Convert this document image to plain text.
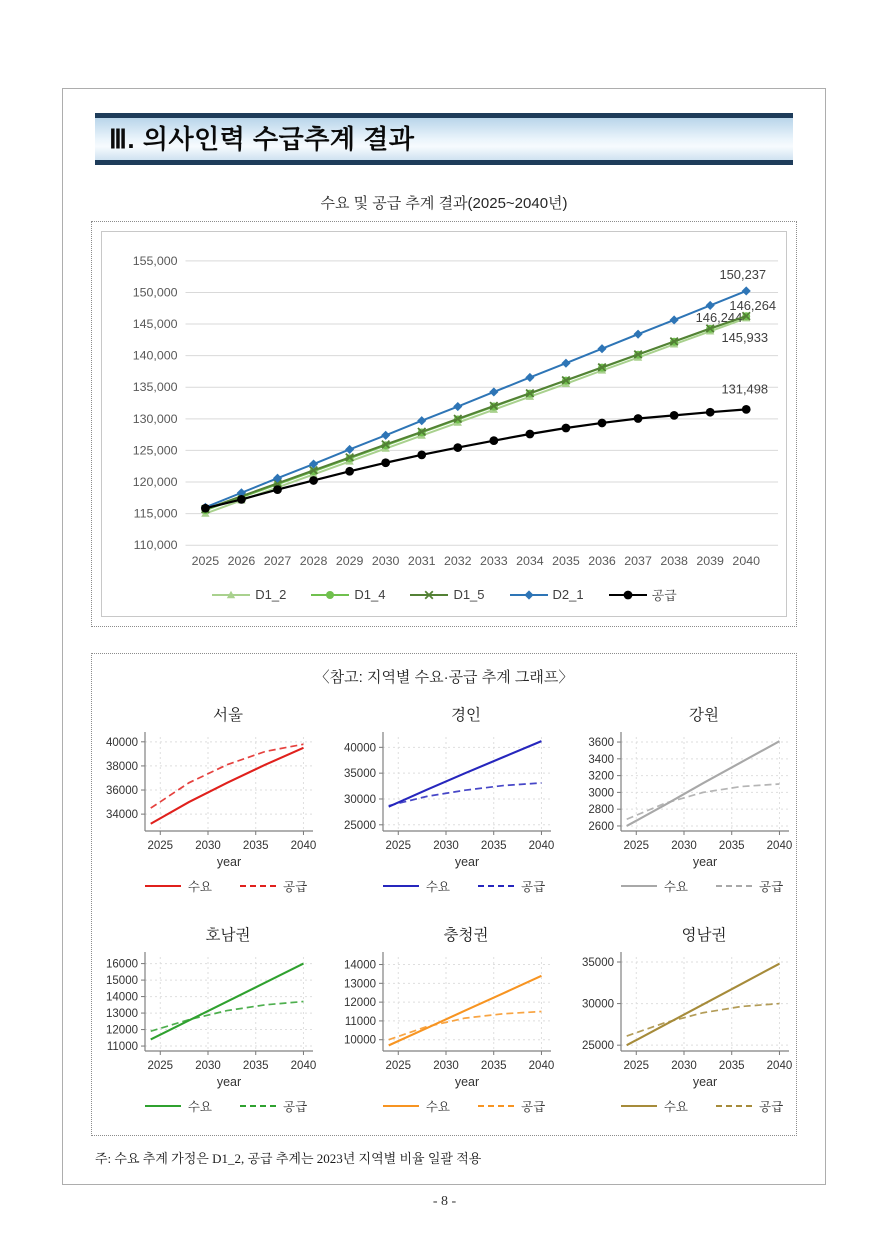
Ⅲ. 의사인력 수급추계 결과
수요 및 공급 추계 결과(2025~2040년)
110,000
115,000
120,000
125,000
130,000
135,000
140,000
145,000
150,000
155,000
2025 2026 2027 2028 2029 2030 2031 2032 2033 2034 2035 2036 2037 2038 2039 2040
145,933
146,244
146,264
150,237
131,498
D1_2	D1_4	D1_5	D2_1	공급
〈참고: 지역별 수요·공급 추계 그래프〉
서울
34000
36000
38000
40000
2025 2030 2035 2040
year
수요	공급
경인
25000
30000
35000
40000
2025 2030 2035 2040
year
수요	공급
강원
2600
2800
3000
3200
3400
3600
2025 2030 2035 2040
year
수요	공급
호남권
11000
12000
13000
14000
15000
16000
2025 2030 2035 2040
year
수요	공급
충청권
10000
11000
12000
13000
14000
2025 2030 2035 2040
year
수요	공급
영남권
25000
30000
35000
2025 2030 2035 2040
year
수요	공급
주: 수요 추계 가정은 D1_2, 공급 추계는 2023년 지역별 비율 일괄 적용
- 8 -
